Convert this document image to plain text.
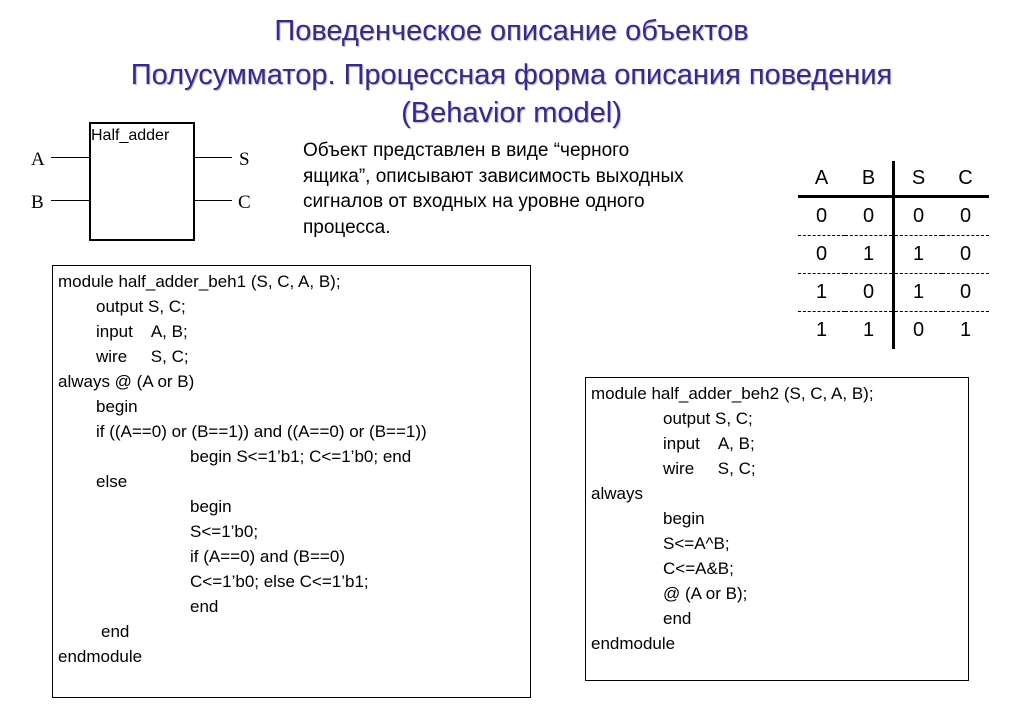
Поведенческое описание объектов
Полусумматор. Процессная форма описания поведения
(Behavior model)
Half_adder
A
B
S
C
Объект представлен в виде “черного
ящика”, описывают зависимость выходных
сигналов от входных на уровне одного
процесса.
A	B	S	C
0	0	0	0
0	1	1	0
1	0	1	0
1	1	0	1
module half_adder_beh1 (S, C, A, B);
output S, C;
input    A, B;
wire     S, C;
always @ (A or B)
begin
if ((A==0) or (B==1)) and ((A==0) or (B==1))
begin S<=1’b1; C<=1’b0; end
else
begin
S<=1’b0;
if (A==0) and (B==0)
C<=1’b0; else C<=1’b1;
end
end
endmodule
module half_adder_beh2 (S, C, A, B);
output S, C;
input    A, B;
wire     S, C;
always
begin
S<=A^B;
C<=A&B;
@ (A or B);
end
endmodule
